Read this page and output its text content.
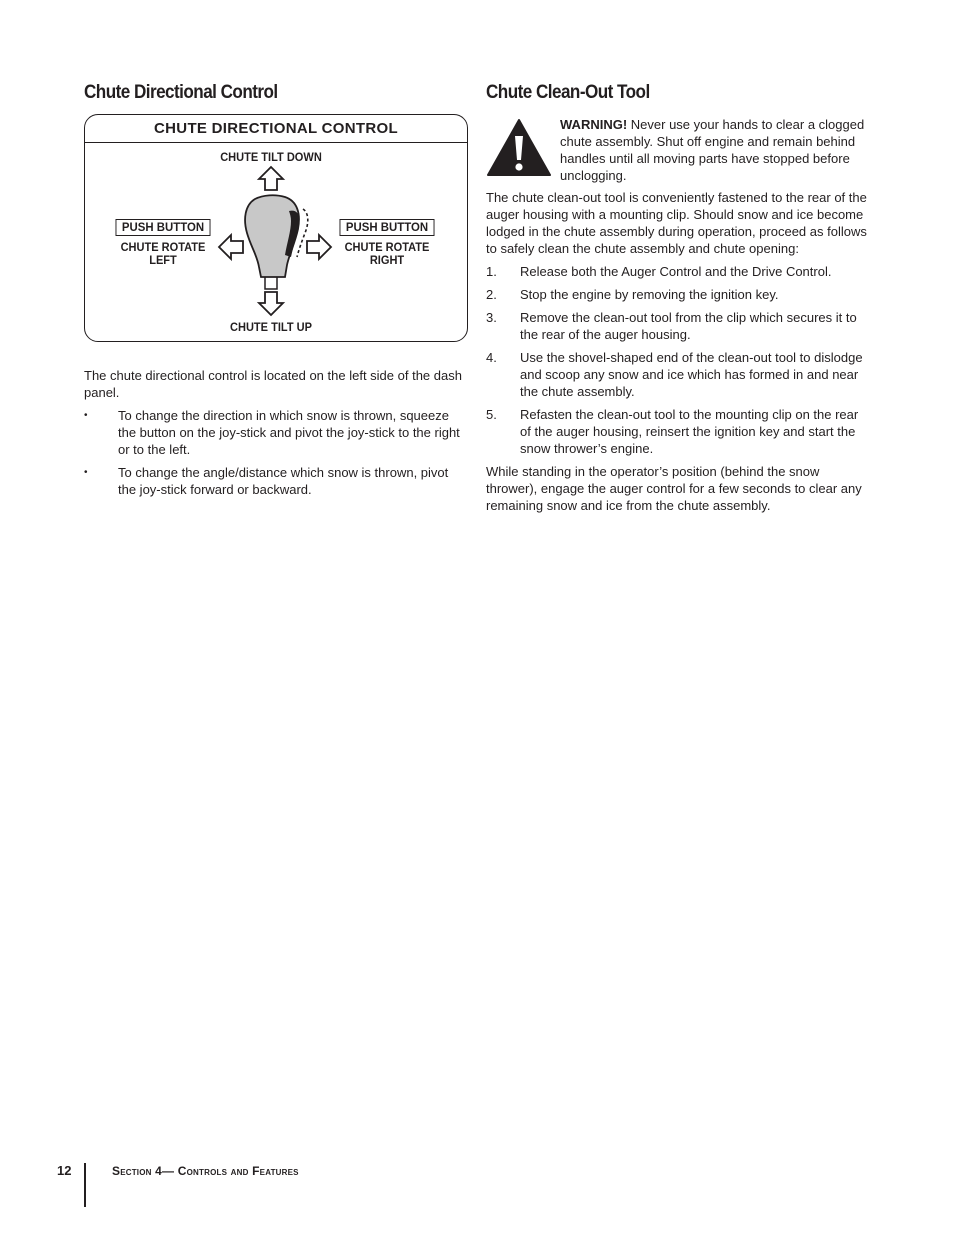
Chute Directional Control
CHUTE DIRECTIONAL CONTROL
CHUTE TILT DOWN
CHUTE TILT UP
PUSH BUTTON
CHUTE ROTATE
LEFT
PUSH BUTTON
CHUTE ROTATE
RIGHT

The chute directional control is located on the left side of the dash panel.

• To change the direction in which snow is thrown, squeeze the button on the joy-stick and pivot the joy-stick to the right or to the left.
• To change the angle/distance which snow is thrown, pivot the joy-stick forward or backward.
Chute Clean-Out Tool

WARNING! Never use your hands to clear a clogged chute assembly. Shut off engine and remain behind handles until all moving parts have stopped before unclogging.

The chute clean-out tool is conveniently fastened to the rear of the auger housing with a mounting clip. Should snow and ice become lodged in the chute assembly during operation, proceed as follows to safely clean the chute assembly and chute opening:

1. Release both the Auger Control and the Drive Control.
2. Stop the engine by removing the ignition key.
3. Remove the clean-out tool from the clip which secures it to the rear of the auger housing.
4. Use the shovel-shaped end of the clean-out tool to dislodge and scoop any snow and ice which has formed in and near the chute assembly.
5. Refasten the clean-out tool to the mounting clip on the rear of the auger housing, reinsert the ignition key and start the snow thrower’s engine.

While standing in the operator’s position (behind the snow thrower), engage the auger control for a few seconds to clear any remaining snow and ice from the chute assembly.

12	Section 4— Controls and Features
